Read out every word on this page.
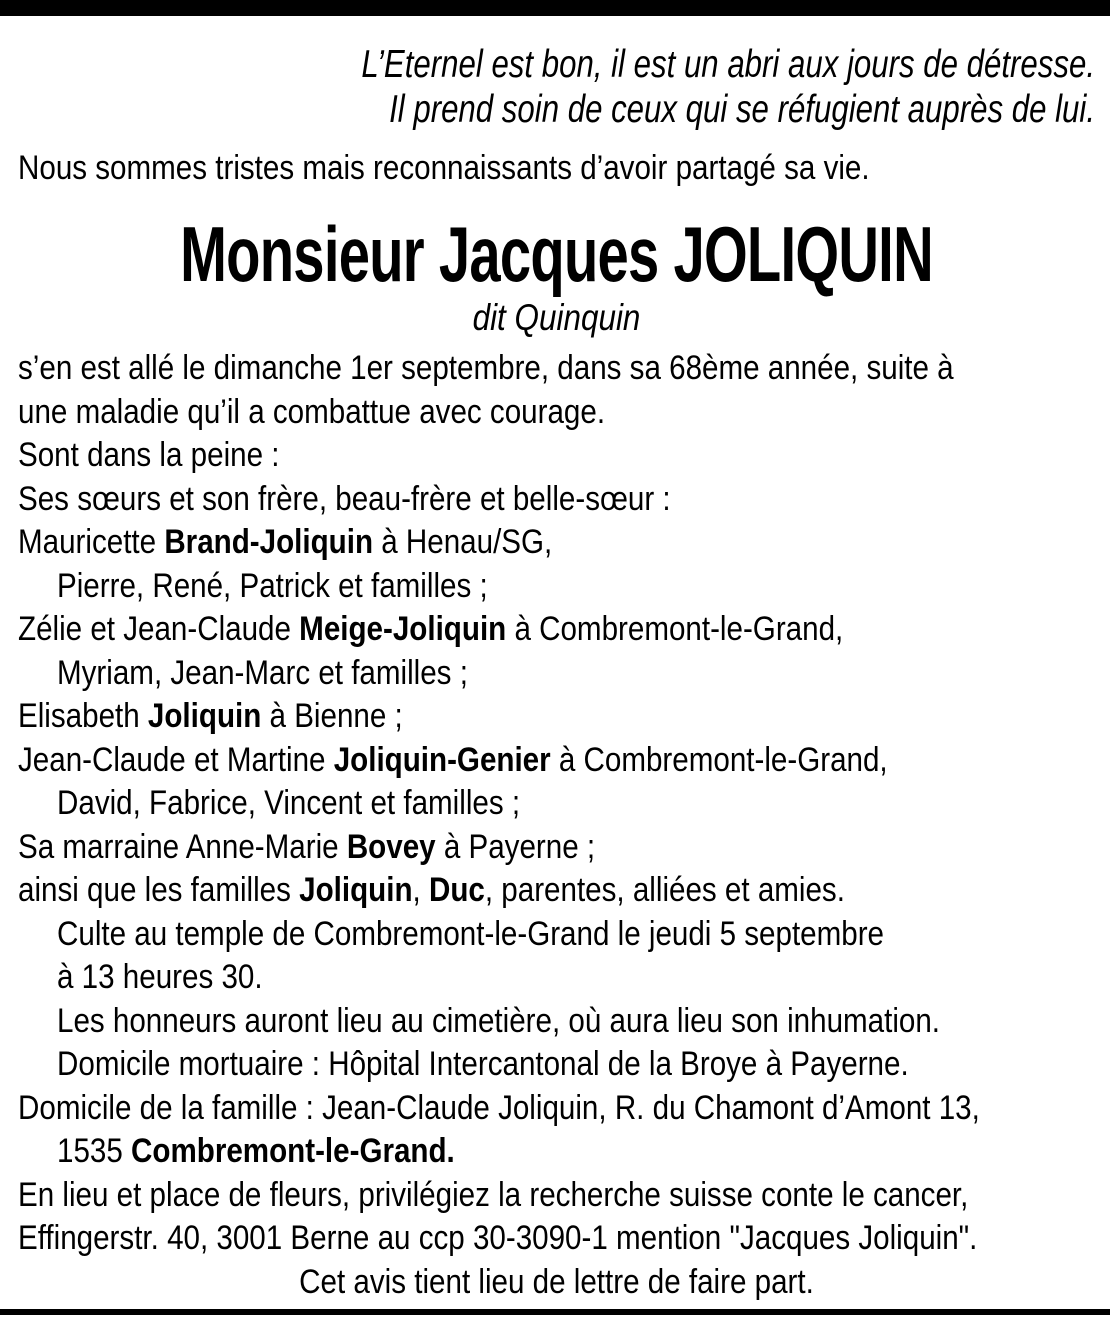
L’Eternel est bon, il est un abri aux jours de détresse.
Il prend soin de ceux qui se réfugient auprès de lui.
Nous sommes tristes mais reconnaissants d’avoir partagé sa vie.
Monsieur Jacques JOLIQUIN
dit Quinquin
s’en est allé le dimanche 1er septembre, dans sa 68ème année, suite à
une maladie qu’il a combattue avec courage.
Sont dans la peine :
Ses sœurs et son frère, beau-frère et belle-sœur :
Mauricette Brand-Joliquin à Henau/SG,
Pierre, René, Patrick et familles ;
Zélie et Jean-Claude Meige-Joliquin à Combremont-le-Grand,
Myriam, Jean-Marc et familles ;
Elisabeth Joliquin à Bienne ;
Jean-Claude et Martine Joliquin-Genier à Combremont-le-Grand,
David, Fabrice, Vincent et familles ;
Sa marraine Anne-Marie Bovey à Payerne ;
ainsi que les familles Joliquin, Duc, parentes, alliées et amies.
Culte au temple de Combremont-le-Grand le jeudi 5 septembre
à 13 heures 30.
Les honneurs auront lieu au cimetière, où aura lieu son inhumation.
Domicile mortuaire : Hôpital Intercantonal de la Broye à Payerne.
Domicile de la famille : Jean-Claude Joliquin, R. du Chamont d’Amont 13,
1535 Combremont-le-Grand.
En lieu et place de fleurs, privilégiez la recherche suisse conte le cancer,
Effingerstr. 40, 3001 Berne au ccp 30-3090-1 mention "Jacques Joliquin".
Cet avis tient lieu de lettre de faire part.
